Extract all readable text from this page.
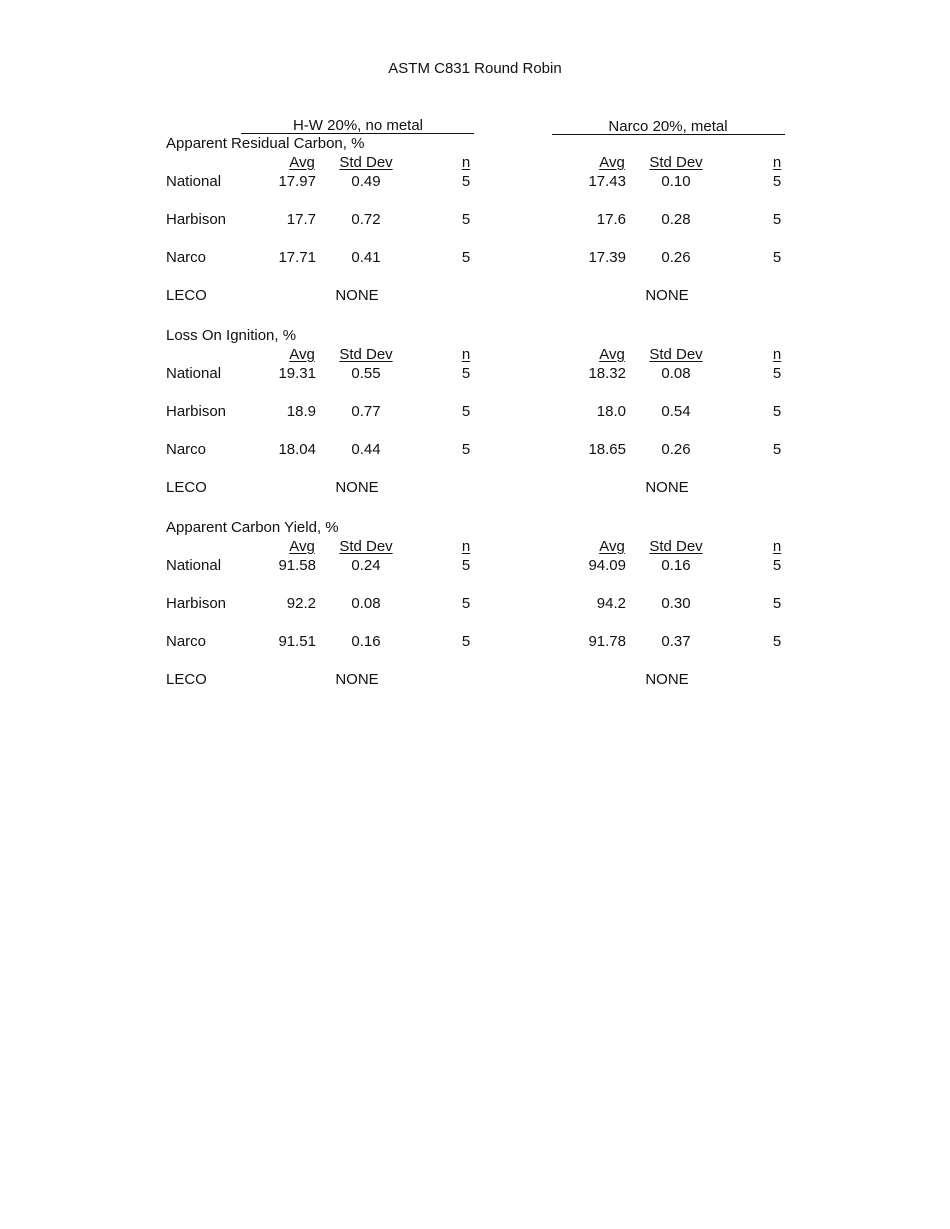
ASTM C831 Round Robin
H-W 20%, no metal	Narco 20%, metal
Apparent Residual Carbon, %
Avg Std Dev	n	Avg Std Dev	n
National	17.97 0.49	5	17.43 0.10	5
Harbison	17.7 0.72	5	17.6 0.28	5
Narco	17.71 0.41	5	17.39 0.26	5
LECO	NONE	NONE
Loss On Ignition, %
Avg Std Dev	n	Avg Std Dev	n
National	19.31 0.55	5	18.32 0.08	5
Harbison	18.9 0.77	5	18.0 0.54	5
Narco	18.04 0.44	5	18.65 0.26	5
LECO	NONE	NONE
Apparent Carbon Yield, %
Avg Std Dev	n	Avg Std Dev	n
National	91.58 0.24	5	94.09 0.16	5
Harbison	92.2 0.08	5	94.2 0.30	5
Narco	91.51 0.16	5	91.78 0.37	5
LECO	NONE	NONE
